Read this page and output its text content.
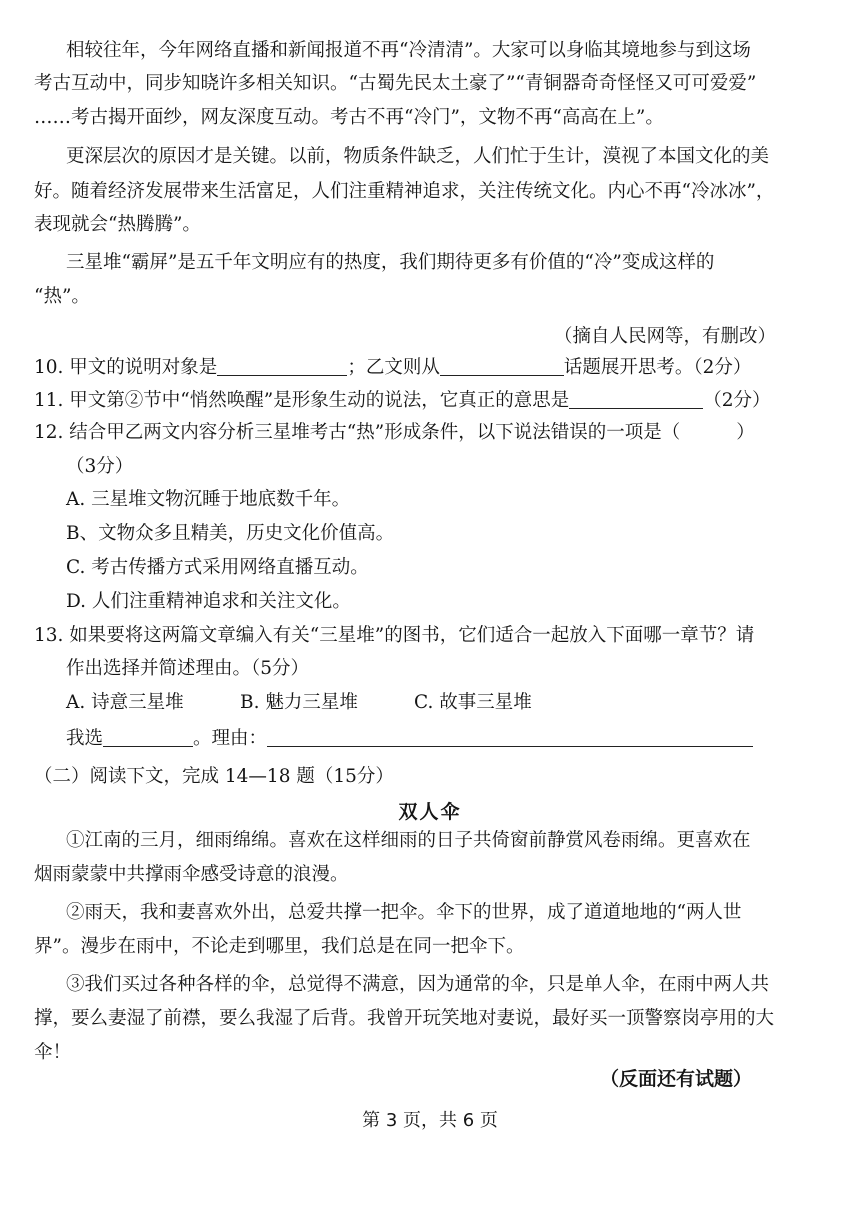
相较往年，今年网络直播和新闻报道不再“冷清清”。大家可以身临其境地参与到这场
考古互动中，同步知晓许多相关知识。“古蜀先民太土豪了”“青铜器奇奇怪怪又可可爱爱”
……考古揭开面纱，网友深度互动。考古不再“冷门”，文物不再“高高在上”。
更深层次的原因才是关键。以前，物质条件缺乏，人们忙于生计，漠视了本国文化的美
好。随着经济发展带来生活富足，人们注重精神追求，关注传统文化。内心不再“冷冰冰”，
表现就会“热腾腾”。
三星堆“霸屏”是五千年文明应有的热度，我们期待更多有价值的“冷”变成这样的
“热”。
（摘自人民网等，有删改）
10. 甲文的说明对象是	；乙文则从	话题展开思考。（2分）
11. 甲文第②节中“悄然唤醒”是形象生动的说法，它真正的意思是	（2分）
12. 结合甲乙两文内容分析三星堆考古“热”形成条件，以下说法错误的一项是（	）
（3分）
A. 三星堆文物沉睡于地底数千年。
B、文物众多且精美，历史文化价值高。
C. 考古传播方式采用网络直播互动。
D. 人们注重精神追求和关注文化。
13. 如果要将这两篇文章编入有关“三星堆”的图书，它们适合一起放入下面哪一章节？请
作出选择并简述理由。（5分）
A. 诗意三星堆	B. 魅力三星堆	C. 故事三星堆
我选	。理由：
（二）阅读下文，完成 14—18 题（15分）
双人伞
①江南的三月，细雨绵绵。喜欢在这样细雨的日子共倚窗前静赏风卷雨绵。更喜欢在
烟雨蒙蒙中共撑雨伞感受诗意的浪漫。
②雨天，我和妻喜欢外出，总爱共撑一把伞。伞下的世界，成了道道地地的“两人世
界”。漫步在雨中，不论走到哪里，我们总是在同一把伞下。
③我们买过各种各样的伞，总觉得不满意，因为通常的伞，只是单人伞，在雨中两人共
撑，要么妻湿了前襟，要么我湿了后背。我曾开玩笑地对妻说，最好买一顶警察岗亭用的大
伞！
（反面还有试题）
第 3 页，共 6 页
